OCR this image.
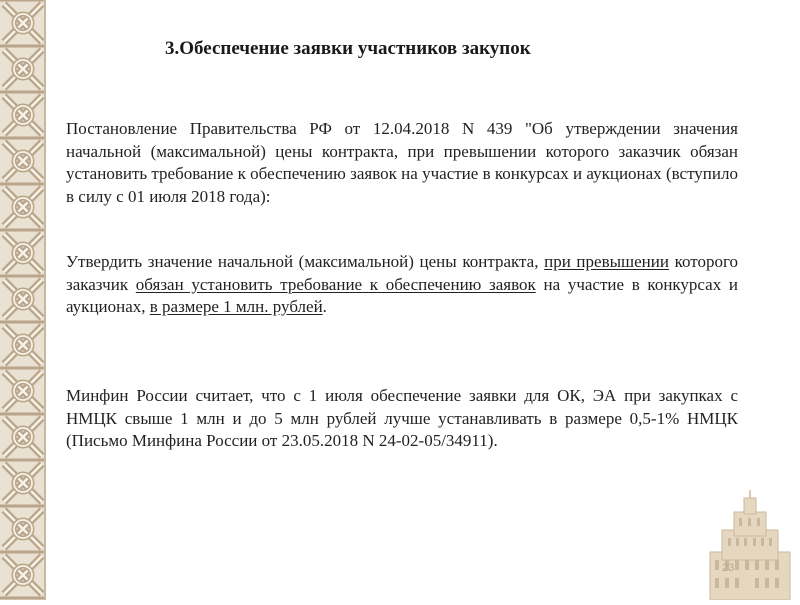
3.Обеспечение заявки участников закупок

Постановление Правительства РФ от 12.04.2018 N 439 "Об утверждении значения начальной (максимальной) цены контракта, при превышении которого заказчик обязан установить требование к обеспечению заявок на участие в конкурсах и аукционах (вступило в силу с 01 июля 2018 года):

Утвердить значение начальной (максимальной) цены контракта, при превышении которого заказчик обязан установить требование к обеспечению заявок на участие в конкурсах и аукционах, в размере 1 млн. рублей.

Минфин России считает, что с 1 июля обеспечение заявки для ОК, ЭА при закупках с НМЦК свыше 1 млн и до 5 млн рублей лучше устанавливать в размере 0,5-1% НМЦК (Письмо Минфина России от 23.05.2018 N 24-02-05/34911).

23
